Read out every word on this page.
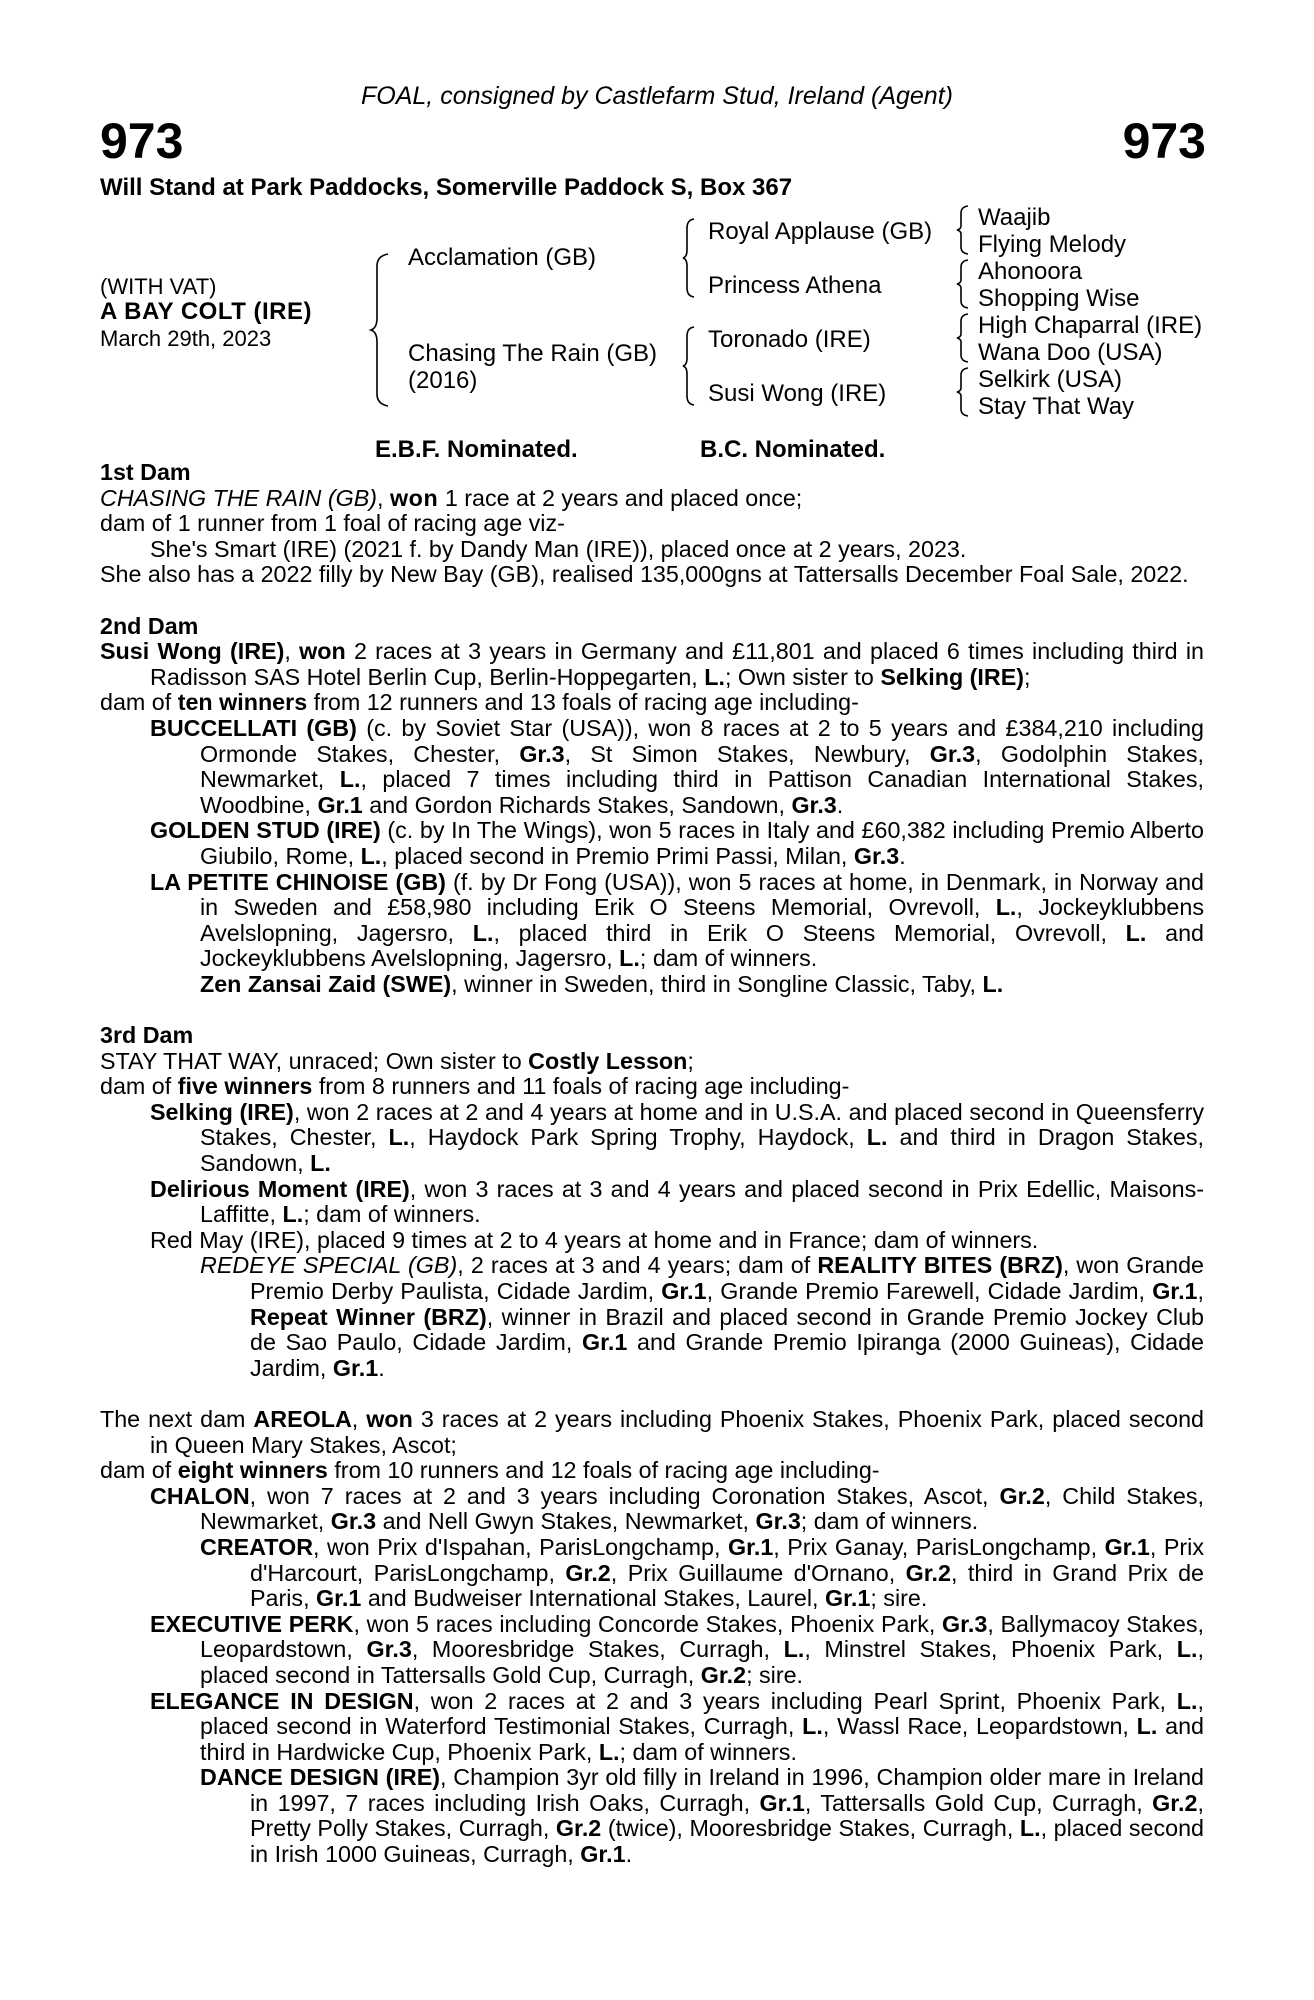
FOAL, consigned by Castlefarm Stud, Ireland (Agent)
973	973
Will Stand at Park Paddocks, Somerville Paddock S, Box 367
(WITH VAT)
A BAY COLT (IRE)
March 29th, 2023
Acclamation (GB)
Chasing The Rain (GB)
(2016)
Royal Applause (GB)
Princess Athena
Toronado (IRE)
Susi Wong (IRE)
Waajib
Flying Melody
Ahonoora
Shopping Wise
High Chaparral (IRE)
Wana Doo (USA)
Selkirk (USA)
Stay That Way
E.B.F. Nominated.	B.C. Nominated.
1st Dam

CHASING THE RAIN (GB), won 1 race at 2 years and placed once;

dam of 1 runner from 1 foal of racing age viz-

She's Smart (IRE) (2021 f. by Dandy Man (IRE)), placed once at 2 years, 2023.

She also has a 2022 filly by New Bay (GB), realised 135,000gns at Tattersalls December Foal Sale, 2022.

2nd Dam

Susi Wong (IRE), won 2 races at 3 years in Germany and £11,801 and placed 6 times including third in Radisson SAS Hotel Berlin Cup, Berlin-Hoppegarten, L.; Own sister to Selking (IRE);

dam of ten winners from 12 runners and 13 foals of racing age including-

BUCCELLATI (GB) (c. by Soviet Star (USA)), won 8 races at 2 to 5 years and £384,210 including Ormonde Stakes, Chester, Gr.3, St Simon Stakes, Newbury, Gr.3, Godolphin Stakes, Newmarket, L., placed 7 times including third in Pattison Canadian International Stakes, Woodbine, Gr.1 and Gordon Richards Stakes, Sandown, Gr.3.

GOLDEN STUD (IRE) (c. by In The Wings), won 5 races in Italy and £60,382 including Premio Alberto Giubilo, Rome, L., placed second in Premio Primi Passi, Milan, Gr.3.

LA PETITE CHINOISE (GB) (f. by Dr Fong (USA)), won 5 races at home, in Denmark, in Norway and in Sweden and £58,980 including Erik O Steens Memorial, Ovrevoll, L., Jockeyklubbens Avelslopning, Jagersro, L., placed third in Erik O Steens Memorial, Ovrevoll, L. and Jockeyklubbens Avelslopning, Jagersro, L.; dam of winners.

Zen Zansai Zaid (SWE), winner in Sweden, third in Songline Classic, Taby, L.

3rd Dam

STAY THAT WAY, unraced; Own sister to Costly Lesson;

dam of five winners from 8 runners and 11 foals of racing age including-

Selking (IRE), won 2 races at 2 and 4 years at home and in U.S.A. and placed second in Queensferry Stakes, Chester, L., Haydock Park Spring Trophy, Haydock, L. and third in Dragon Stakes, Sandown, L.

Delirious Moment (IRE), won 3 races at 3 and 4 years and placed second in Prix Edellic, Maisons-Laffitte, L.; dam of winners.

Red May (IRE), placed 9 times at 2 to 4 years at home and in France; dam of winners.

REDEYE SPECIAL (GB), 2 races at 3 and 4 years; dam of REALITY BITES (BRZ), won Grande Premio Derby Paulista, Cidade Jardim, Gr.1, Grande Premio Farewell, Cidade Jardim, Gr.1, Repeat Winner (BRZ), winner in Brazil and placed second in Grande Premio Jockey Club de Sao Paulo, Cidade Jardim, Gr.1 and Grande Premio Ipiranga (2000 Guineas), Cidade Jardim, Gr.1.

The next dam AREOLA, won 3 races at 2 years including Phoenix Stakes, Phoenix Park, placed second in Queen Mary Stakes, Ascot;

dam of eight winners from 10 runners and 12 foals of racing age including-

CHALON, won 7 races at 2 and 3 years including Coronation Stakes, Ascot, Gr.2, Child Stakes, Newmarket, Gr.3 and Nell Gwyn Stakes, Newmarket, Gr.3; dam of winners.

CREATOR, won Prix d'Ispahan, ParisLongchamp, Gr.1, Prix Ganay, ParisLongchamp, Gr.1, Prix d'Harcourt, ParisLongchamp, Gr.2, Prix Guillaume d'Ornano, Gr.2, third in Grand Prix de Paris, Gr.1 and Budweiser International Stakes, Laurel, Gr.1; sire.

EXECUTIVE PERK, won 5 races including Concorde Stakes, Phoenix Park, Gr.3, Ballymacoy Stakes, Leopardstown, Gr.3, Mooresbridge Stakes, Curragh, L., Minstrel Stakes, Phoenix Park, L., placed second in Tattersalls Gold Cup, Curragh, Gr.2; sire.

ELEGANCE IN DESIGN, won 2 races at 2 and 3 years including Pearl Sprint, Phoenix Park, L., placed second in Waterford Testimonial Stakes, Curragh, L., Wassl Race, Leopardstown, L. and third in Hardwicke Cup, Phoenix Park, L.; dam of winners.

DANCE DESIGN (IRE), Champion 3yr old filly in Ireland in 1996, Champion older mare in Ireland in 1997, 7 races including Irish Oaks, Curragh, Gr.1, Tattersalls Gold Cup, Curragh, Gr.2, Pretty Polly Stakes, Curragh, Gr.2 (twice), Mooresbridge Stakes, Curragh, L., placed second in Irish 1000 Guineas, Curragh, Gr.1.
